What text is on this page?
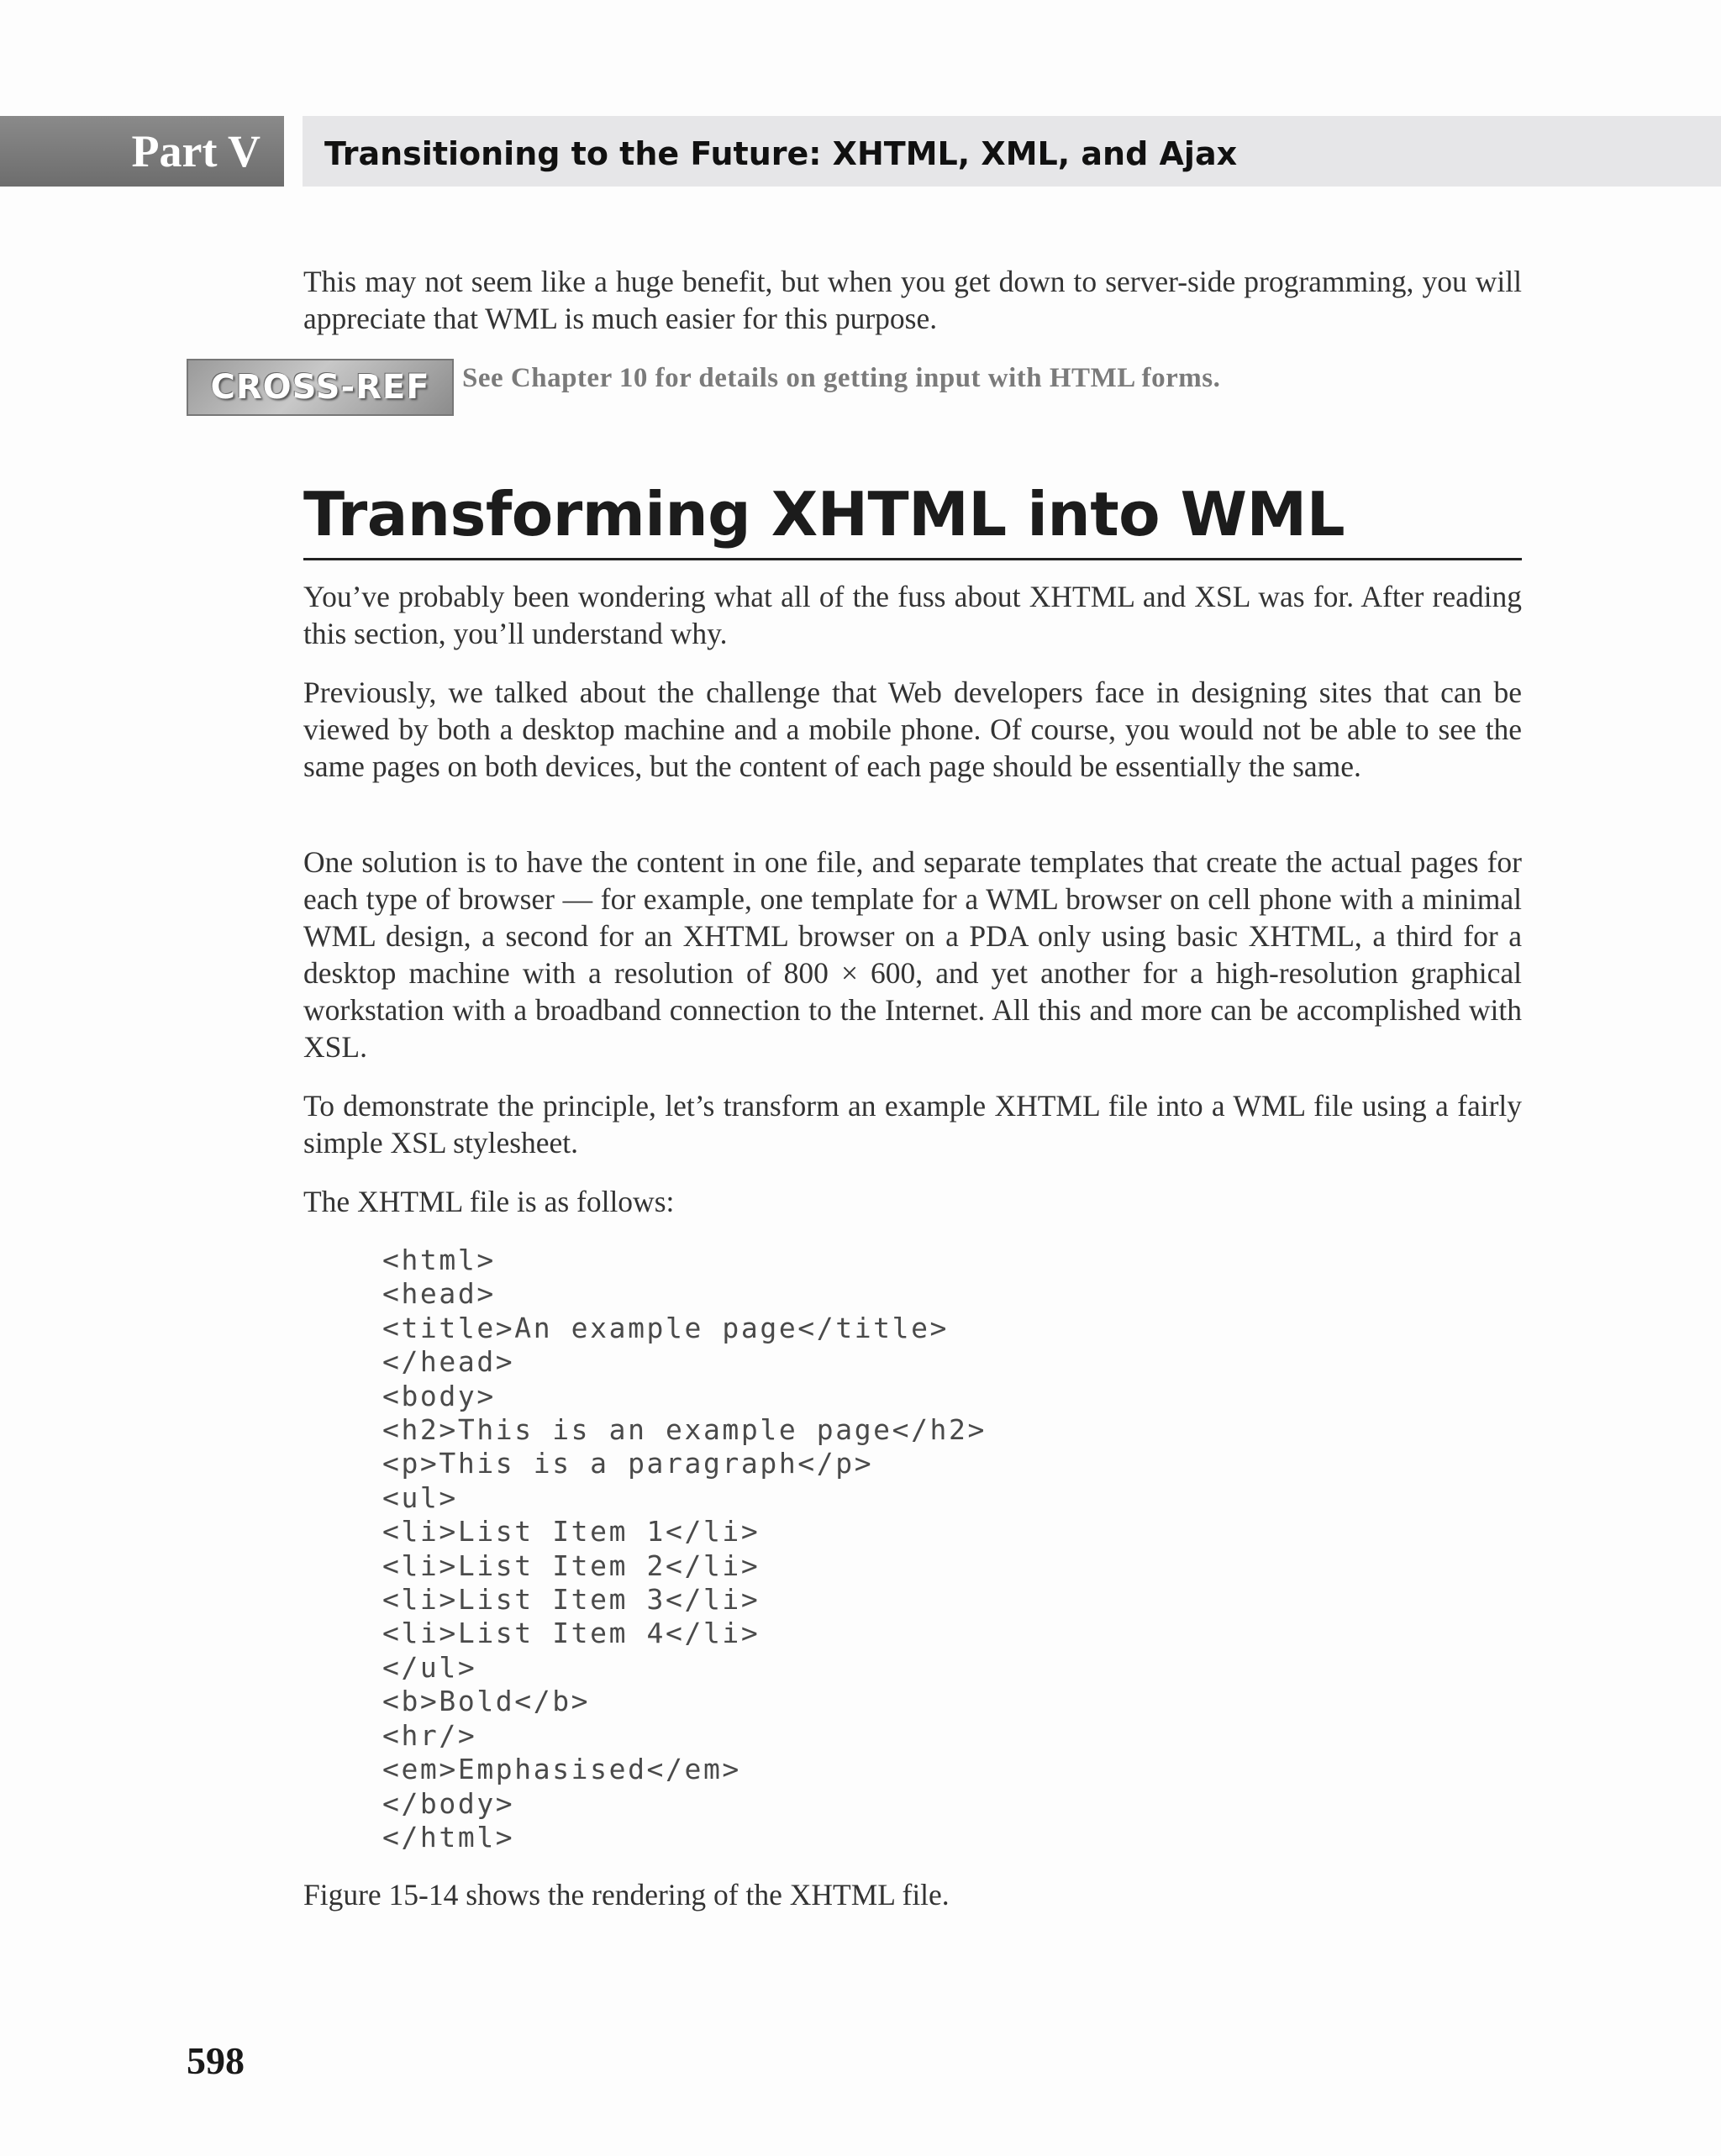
Part V	Transitioning to the Future: XHTML, XML, and Ajax

This may not seem like a huge benefit, but when you get down to server-side programming, you will appreciate that WML is much easier for this purpose.

CROSS-REF	See Chapter 10 for details on getting input with HTML forms.
Transforming XHTML into WML

You’ve probably been wondering what all of the fuss about XHTML and XSL was for. After reading this section, you’ll understand why.

Previously, we talked about the challenge that Web developers face in designing sites that can be viewed by both a desktop machine and a mobile phone. Of course, you would not be able to see the same pages on both devices, but the content of each page should be essentially the same.

One solution is to have the content in one file, and separate templates that create the actual pages for each type of browser — for example, one template for a WML browser on cell phone with a minimal WML design, a second for an XHTML browser on a PDA only using basic XHTML, a third for a desktop machine with a resolution of 800 × 600, and yet another for a high-resolution graphical workstation with a broadband connection to the Internet. All this and more can be accomplished with XSL.

To demonstrate the principle, let’s transform an example XHTML file into a WML file using a fairly simple XSL stylesheet.

The XHTML file is as follows:

<html>
<head>
<title>An example page</title>
</head>
<body>
<h2>This is an example page</h2>
<p>This is a paragraph</p>
<ul>
<li>List Item 1</li>
<li>List Item 2</li>
<li>List Item 3</li>
<li>List Item 4</li>
</ul>
<b>Bold</b>
<hr/>
<em>Emphasised</em>
</body>
</html>

Figure 15-14 shows the rendering of the XHTML file.

598
